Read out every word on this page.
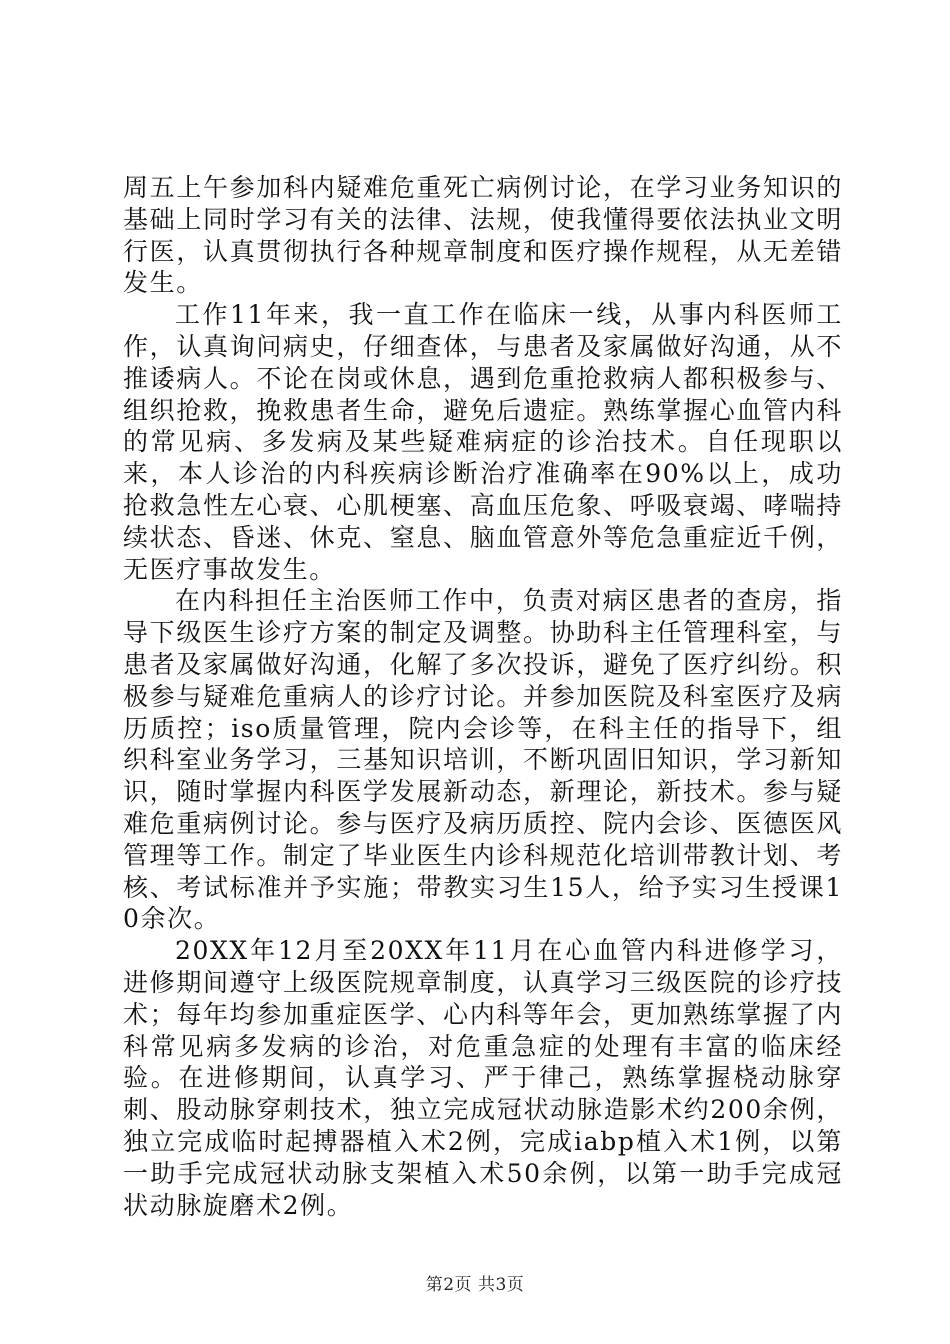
周五上午参加科内疑难危重死亡病例讨论，在学习业务知识的基础上同时学习有关的法律、法规，使我懂得要依法执业文明行医，认真贯彻执行各种规章制度和医疗操作规程，从无差错发生。

工作11年来，我一直工作在临床一线，从事内科医师工作，认真询问病史，仔细查体，与患者及家属做好沟通，从不推诿病人。不论在岗或休息，遇到危重抢救病人都积极参与、组织抢救，挽救患者生命，避免后遗症。熟练掌握心血管内科的常见病、多发病及某些疑难病症的诊治技术。自任现职以来，本人诊治的内科疾病诊断治疗准确率在90%以上，成功抢救急性左心衰、心肌梗塞、高血压危象、呼吸衰竭、哮喘持续状态、昏迷、休克、窒息、脑血管意外等危急重症近千例，无医疗事故发生。

在内科担任主治医师工作中，负责对病区患者的查房，指导下级医生诊疗方案的制定及调整。协助科主任管理科室，与患者及家属做好沟通，化解了多次投诉，避免了医疗纠纷。积极参与疑难危重病人的诊疗讨论。并参加医院及科室医疗及病历质控；iso质量管理，院内会诊等，在科主任的指导下，组织科室业务学习，三基知识培训，不断巩固旧知识，学习新知识，随时掌握内科医学发展新动态，新理论，新技术。参与疑难危重病例讨论。参与医疗及病历质控、院内会诊、医德医风管理等工作。制定了毕业医生内诊科规范化培训带教计划、考核、考试标准并予实施；带教实习生15人，给予实习生授课10余次。

20XX年12月至20XX年11月在心血管内科进修学习，进修期间遵守上级医院规章制度，认真学习三级医院的诊疗技术；每年均参加重症医学、心内科等年会，更加熟练掌握了内科常见病多发病的诊治，对危重急症的处理有丰富的临床经验。在进修期间，认真学习、严于律己，熟练掌握桡动脉穿刺、股动脉穿刺技术，独立完成冠状动脉造影术约200余例，独立完成临时起搏器植入术2例，完成iabp植入术1例，以第一助手完成冠状动脉支架植入术50余例，以第一助手完成冠状动脉旋磨术2例。

第2页 共3页
